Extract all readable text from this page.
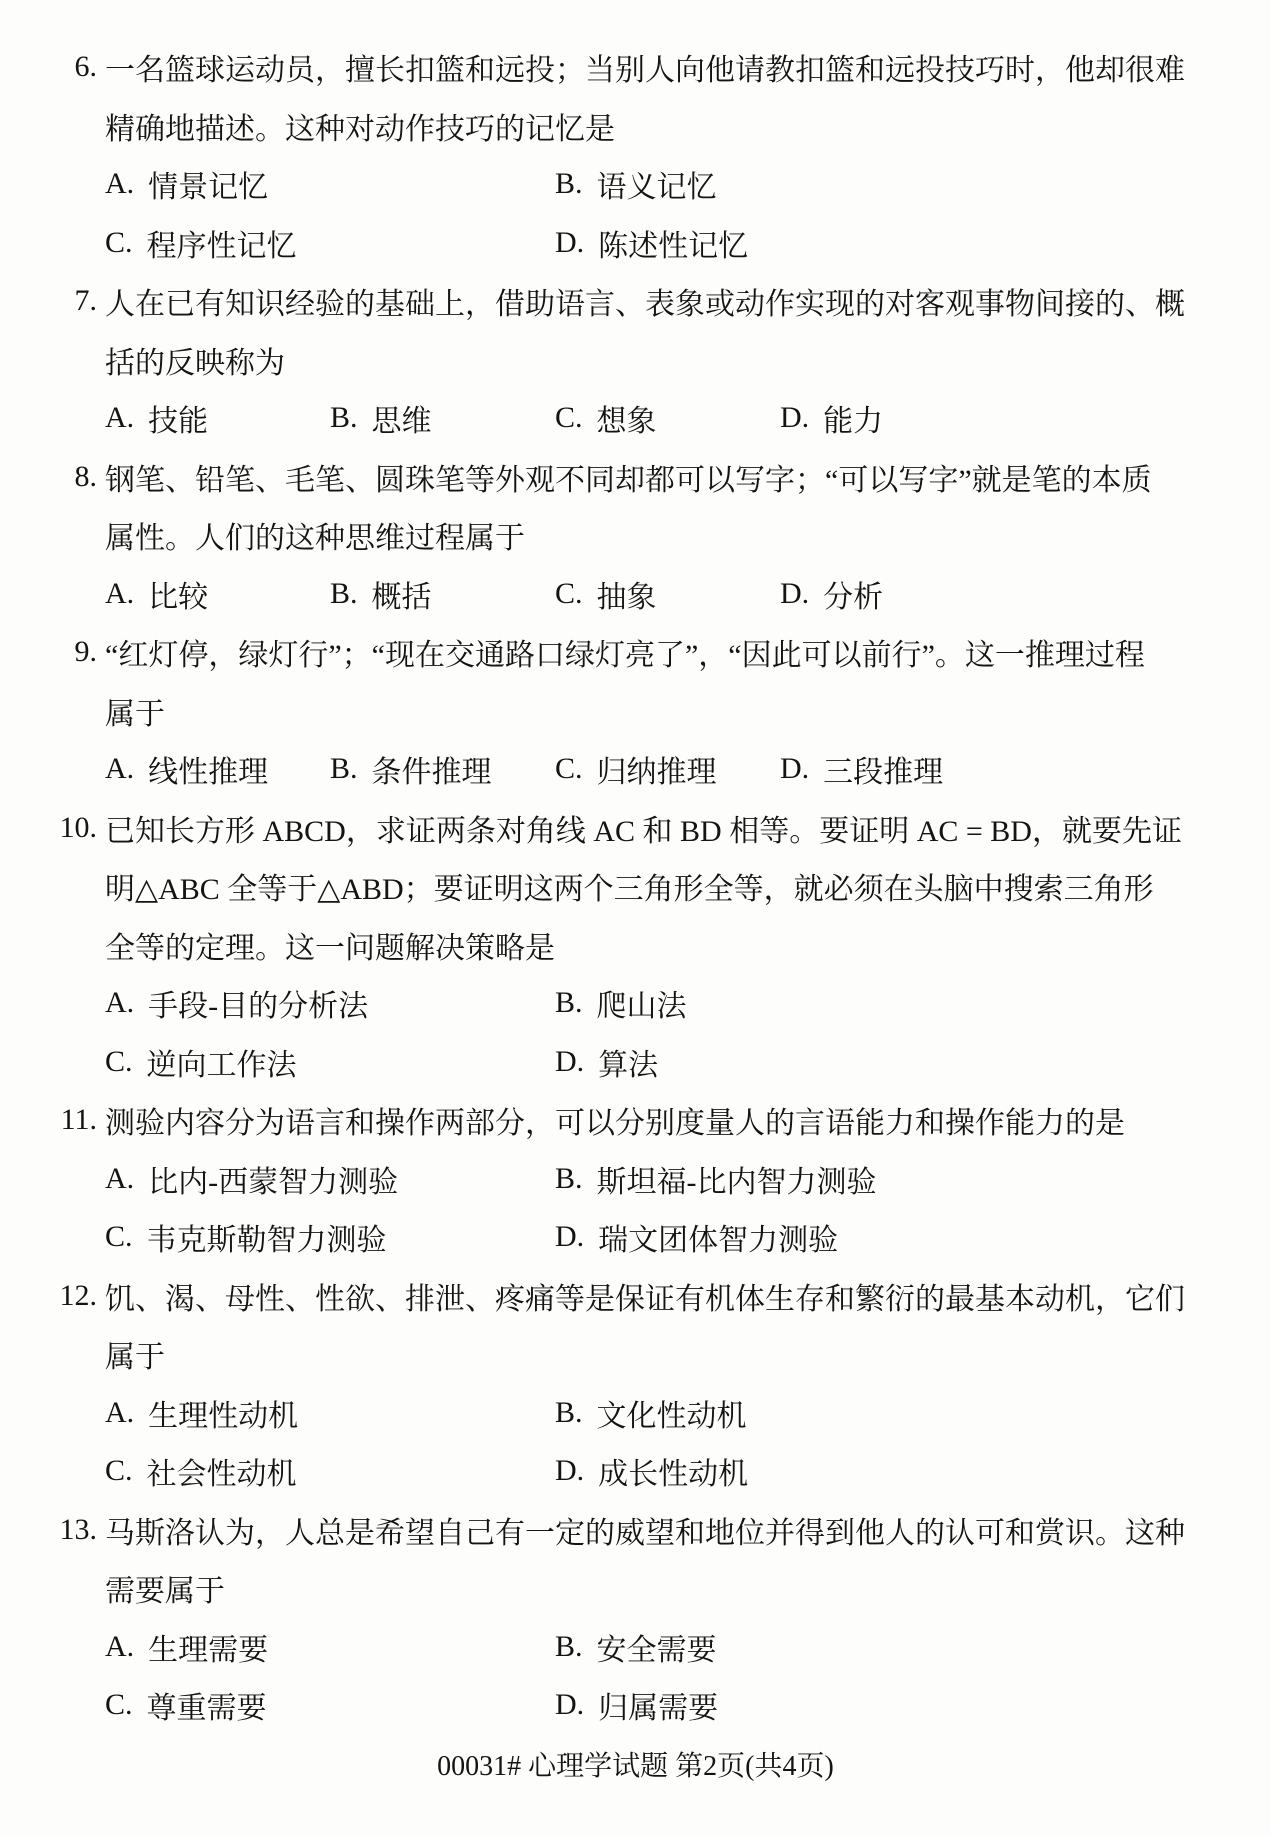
6. 一名篮球运动员，擅长扣篮和远投；当别人向他请教扣篮和远投技巧时，他却很难
精确地描述。这种对动作技巧的记忆是
A. 情景记忆	B. 语义记忆
C. 程序性记忆	D. 陈述性记忆
7. 人在已有知识经验的基础上，借助语言、表象或动作实现的对客观事物间接的、概
括的反映称为
A. 技能	B. 思维	C. 想象	D. 能力
8. 钢笔、铅笔、毛笔、圆珠笔等外观不同却都可以写字；“可以写字”就是笔的本质
属性。人们的这种思维过程属于
A. 比较	B. 概括	C. 抽象	D. 分析
9. “红灯停，绿灯行”；“现在交通路口绿灯亮了”，“因此可以前行”。这一推理过程
属于
A. 线性推理 B. 条件推理 C. 归纳推理 D. 三段推理
10. 已知长方形 ABCD，求证两条对角线 AC 和 BD 相等。要证明 AC = BD，就要先证
明△ABC 全等于△ABD；要证明这两个三角形全等，就必须在头脑中搜索三角形
全等的定理。这一问题解决策略是
A. 手段-目的分析法	B. 爬山法
C. 逆向工作法	D. 算法
11. 测验内容分为语言和操作两部分，可以分别度量人的言语能力和操作能力的是
A. 比内-西蒙智力测验	B. 斯坦福-比内智力测验
C. 韦克斯勒智力测验	D. 瑞文团体智力测验
12. 饥、渴、母性、性欲、排泄、疼痛等是保证有机体生存和繁衍的最基本动机，它们
属于
A. 生理性动机	B. 文化性动机
C. 社会性动机	D. 成长性动机
13. 马斯洛认为，人总是希望自己有一定的威望和地位并得到他人的认可和赏识。这种
需要属于
A. 生理需要	B. 安全需要
C. 尊重需要	D. 归属需要
00031# 心理学试题 第2页(共4页)
